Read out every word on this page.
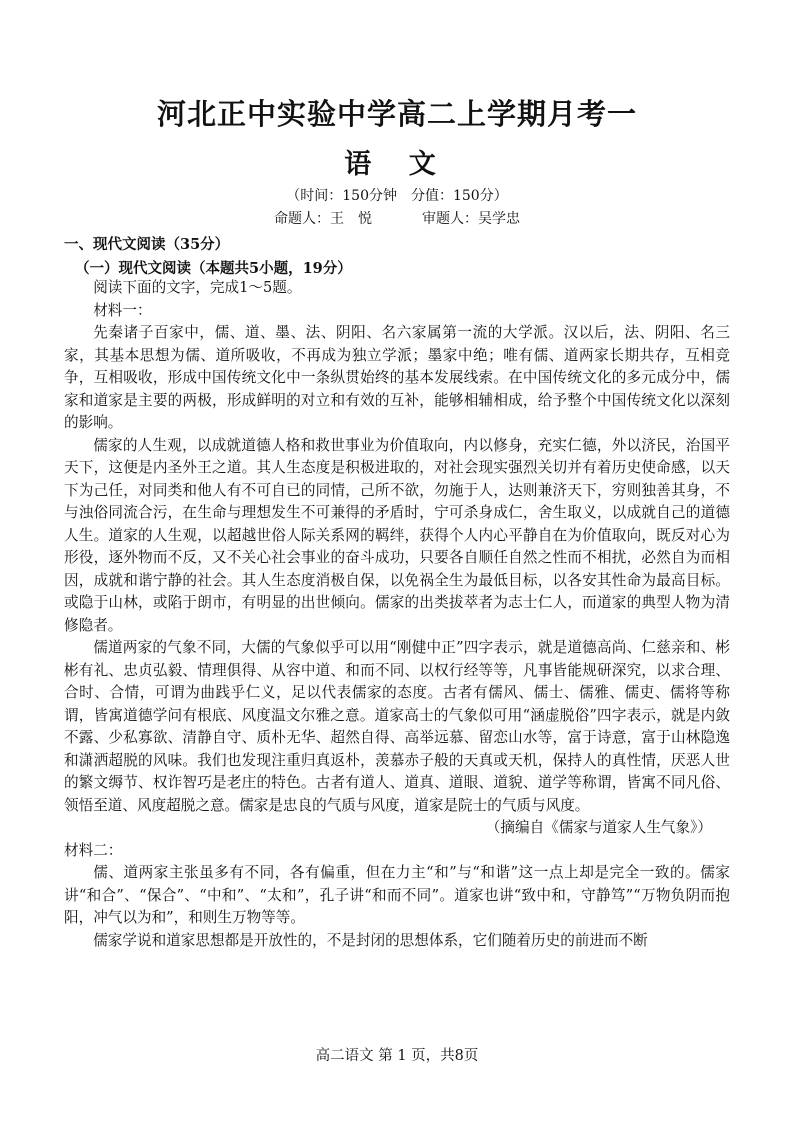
河北正中实验中学高二上学期月考一
语 文
（时间：150分钟　分值：150分）
命题人：王　悦	审题人：吴学忠
一、现代文阅读（35分）
（一）现代文阅读（本题共5小题，19分）

阅读下面的文字，完成1～5题。

材料一：

先秦诸子百家中，儒、道、墨、法、阴阳、名六家属第一流的大学派。汉以后，法、阴阳、名三家，其基本思想为儒、道所吸收，不再成为独立学派；墨家中绝；唯有儒、道两家长期共存，互相竞争，互相吸收，形成中国传统文化中一条纵贯始终的基本发展线索。在中国传统文化的多元成分中，儒家和道家是主要的两极，形成鲜明的对立和有效的互补，能够相辅相成，给予整个中国传统文化以深刻的影响。

儒家的人生观，以成就道德人格和救世事业为价值取向，内以修身，充实仁德，外以济民，治国平天下，这便是内圣外王之道。其人生态度是积极进取的，对社会现实强烈关切并有着历史使命感，以天下为己任，对同类和他人有不可自已的同情，己所不欲，勿施于人，达则兼济天下，穷则独善其身，不与浊俗同流合污，在生命与理想发生不可兼得的矛盾时，宁可杀身成仁，舍生取义，以成就自己的道德人生。道家的人生观，以超越世俗人际关系网的羁绊，获得个人内心平静自在为价值取向，既反对心为形役，逐外物而不反，又不关心社会事业的奋斗成功，只要各自顺任自然之性而不相扰，必然自为而相因，成就和谐宁静的社会。其人生态度消极自保，以免祸全生为最低目标，以各安其性命为最高目标。或隐于山林，或陷于朗市，有明显的出世倾向。儒家的出类拔萃者为志士仁人，而道家的典型人物为清修隐者。

儒道两家的气象不同，大儒的气象似乎可以用“刚健中正”四字表示，就是道德高尚、仁慈亲和、彬彬有礼、忠贞弘毅、情理俱得、从容中道、和而不同、以权行经等等，凡事皆能规研深究，以求合理、合时、合情，可谓为曲践乎仁义，足以代表儒家的态度。古者有儒风、儒士、儒雅、儒吏、儒将等称谓，皆寓道德学问有根底、风度温文尔雅之意。道家高士的气象似可用“涵虚脱俗”四字表示，就是内敛不露、少私寡欲、清静自守、质朴无华、超然自得、高举远慕、留恋山水等，富于诗意，富于山林隐逸和潇洒超脱的风味。我们也发现注重归真返朴，羡慕赤子般的天真或天机，保持人的真性情，厌恶人世的繁文缛节、权诈智巧是老庄的特色。古者有道人、道真、道眼、道貌、道学等称谓，皆寓不同凡俗、领悟至道、风度超脱之意。儒家是忠良的气质与风度，道家是院士的气质与风度。

（摘编自《儒家与道家人生气象》）

材料二：

儒、道两家主张虽多有不同，各有偏重，但在力主“和”与“和谐”这一点上却是完全一致的。儒家讲“和合”、“保合”、“中和”、“太和”，孔子讲“和而不同”。道家也讲“致中和，守静笃”“万物负阴而抱阳，冲气以为和”，和则生万物等等。

儒家学说和道家思想都是开放性的，不是封闭的思想体系，它们随着历史的前进而不断

高二语文 第 1 页，共8页
